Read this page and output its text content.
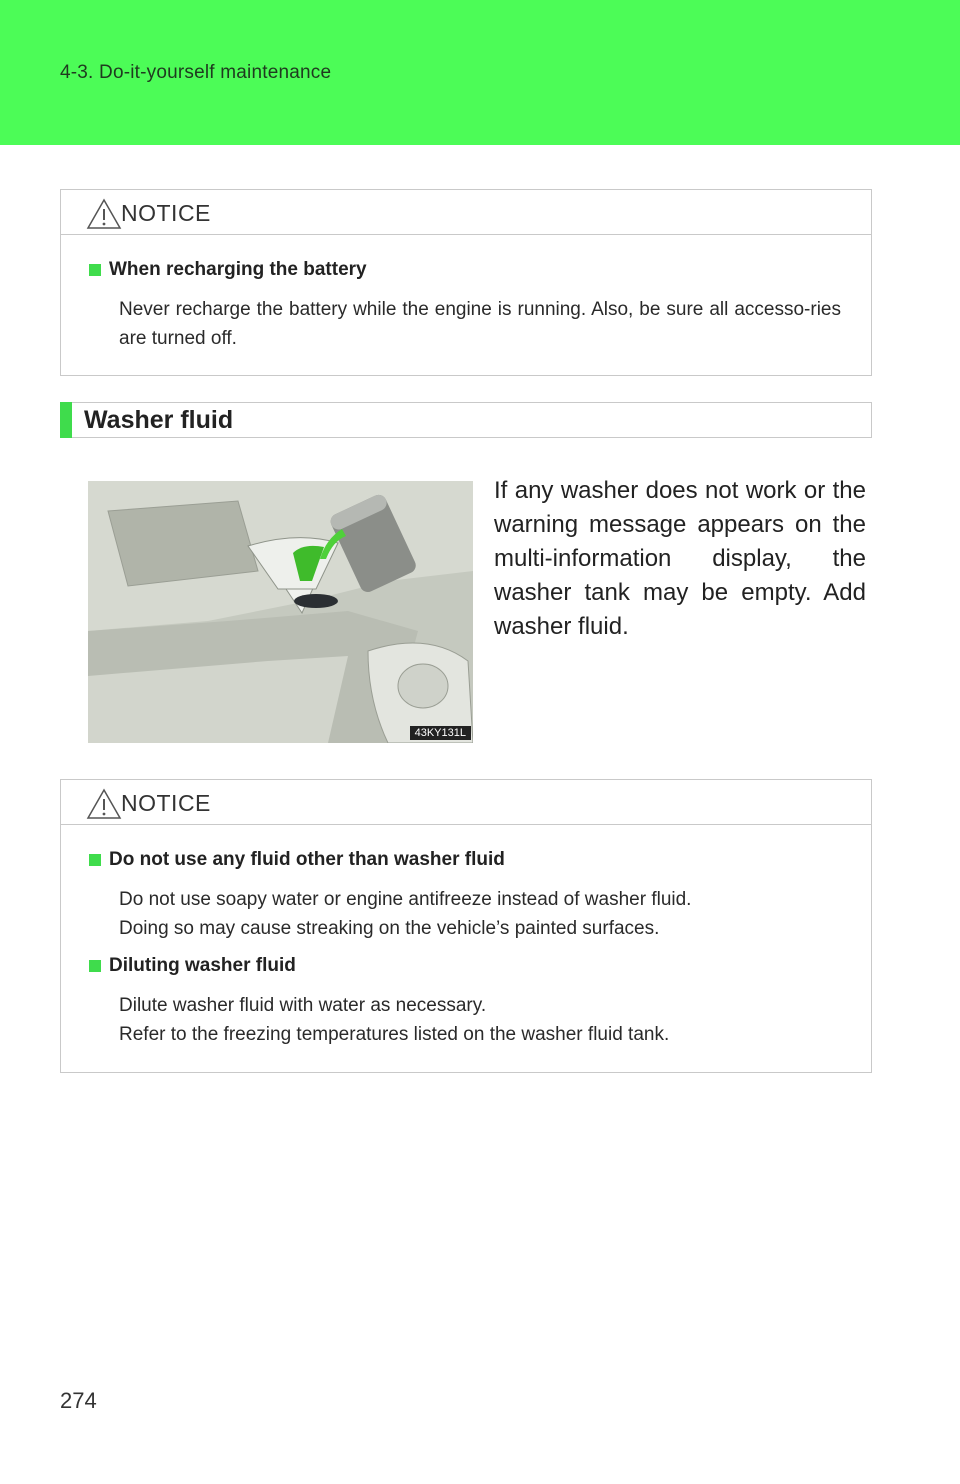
4-3. Do-it-yourself maintenance
NOTICE
When recharging the battery
Never recharge the battery while the engine is running. Also, be sure all accesso-ries are turned off.
Washer fluid
43KY131L
If any washer does not work or the warning message appears on the multi-information display, the washer tank may be empty. Add washer fluid.
NOTICE
Do not use any fluid other than washer fluid
Do not use soapy water or engine antifreeze instead of washer fluid.
Doing so may cause streaking on the vehicle’s painted surfaces.
Diluting washer fluid
Dilute washer fluid with water as necessary.
Refer to the freezing temperatures listed on the washer fluid tank.
274
